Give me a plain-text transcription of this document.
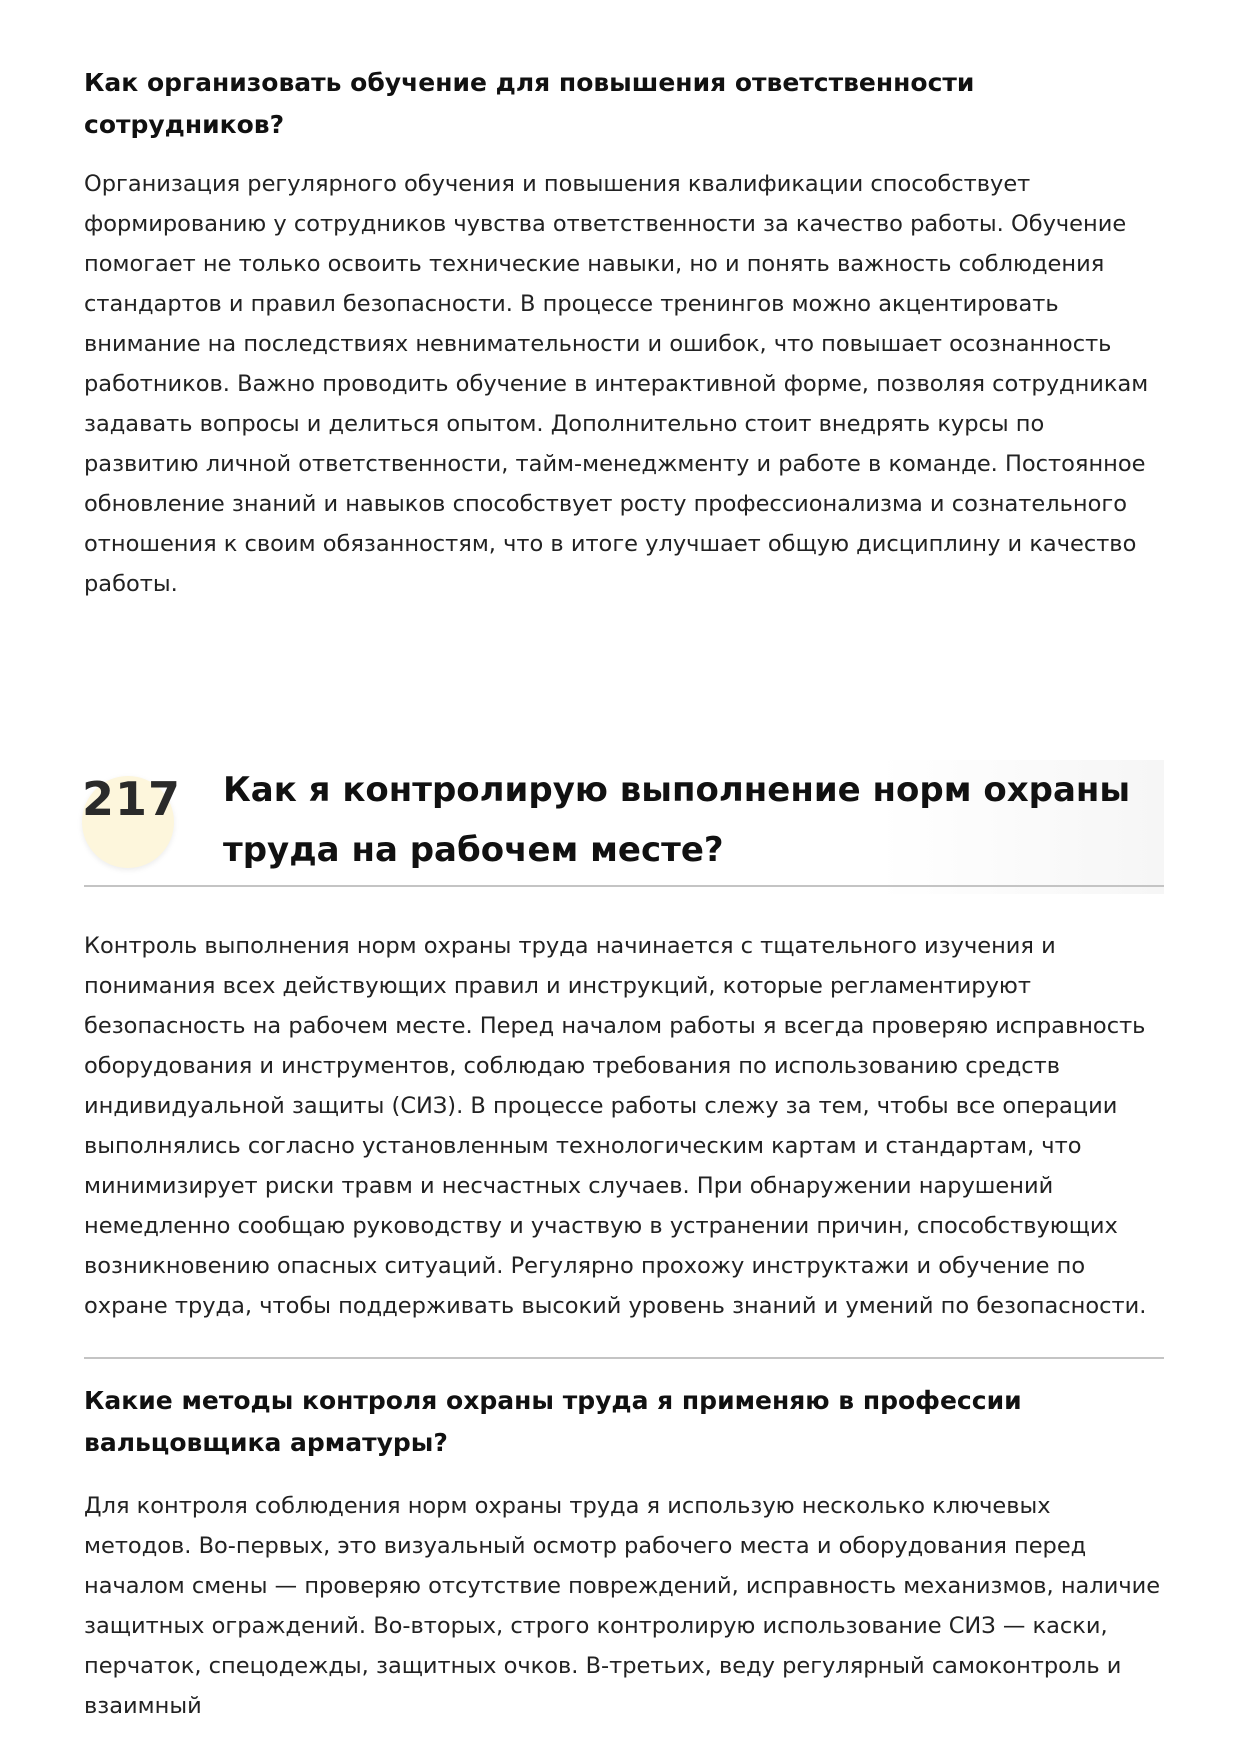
Как организовать обучение для повышения ответственности сотрудников?

Организация регулярного обучения и повышения квалификации способствует формированию у сотрудников чувства ответственности за качество работы. Обучение помогает не только освоить технические навыки, но и понять важность соблюдения стандартов и правил безопасности. В процессе тренингов можно акцентировать внимание на последствиях невнимательности и ошибок, что повышает осознанность работников. Важно проводить обучение в интерактивной форме, позволяя сотрудникам задавать вопросы и делиться опытом. Дополнительно стоит внедрять курсы по развитию личной ответственности, тайм-менеджменту и работе в команде. Постоянное обновление знаний и навыков способствует росту профессионализма и сознательного отношения к своим обязанностям, что в итоге улучшает общую дисциплину и качество работы.

217 Как я контролирую выполнение норм охраны труда на рабочем месте?

Контроль выполнения норм охраны труда начинается с тщательного изучения и понимания всех действующих правил и инструкций, которые регламентируют безопасность на рабочем месте. Перед началом работы я всегда проверяю исправность оборудования и инструментов, соблюдаю требования по использованию средств индивидуальной защиты (СИЗ). В процессе работы слежу за тем, чтобы все операции выполнялись согласно установленным технологическим картам и стандартам, что минимизирует риски травм и несчастных случаев. При обнаружении нарушений немедленно сообщаю руководству и участвую в устранении причин, способствующих возникновению опасных ситуаций. Регулярно прохожу инструктажи и обучение по охране труда, чтобы поддерживать высокий уровень знаний и умений по безопасности.

Какие методы контроля охраны труда я применяю в профессии вальцовщика арматуры?

Для контроля соблюдения норм охраны труда я использую несколько ключевых методов. Во-первых, это визуальный осмотр рабочего места и оборудования перед началом смены — проверяю отсутствие повреждений, исправность механизмов, наличие защитных ограждений. Во-вторых, строго контролирую использование СИЗ — каски, перчаток, спецодежды, защитных очков. В-третьих, веду регулярный самоконтроль и взаимный
